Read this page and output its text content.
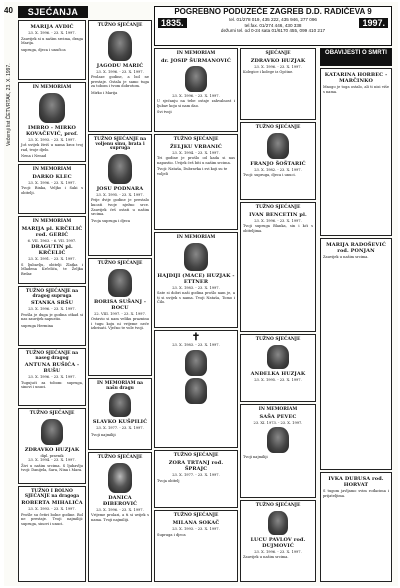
40
Večernji list ČETVRTAK, 23. X. 1997.
SJEĆANJA	POGREBNO PODUZEĆE ZAGREB D.D. RADIĆEVA 9
1835.	tel. 01/278 019, 435 222, 435 946, 277 096
tel.fax. 01/274 446, 430 338	1997.
dežurni tel. od 0-24 sata 01/6170 455, 099 410 217
OBAVIJESTI O SMRTI
MARIJA AVDIĆ
23. X. 1996. - 23. X. 1997.
Zauvijek si u našim srcima, draga Marija.
supruga, djeca i unučica
IN MEMORIAM
IMBRO - MIRKO KOVAČEVIĆ, prof.
23. X. 1993. - 23. X. 1997.
Još uvijek živiš u nama kroz tvoj rad, tvoje djelo.
Nena i Nenad
IN MEMORIAM
DARKO KLEC
23. X. 1996. - 23. X. 1997.
Tvoji: Rinka, Veljko i Saki s obitelji.
IN MEMORIAM
MARIJA pl. KRČELIĆ rođ. GERIĆ
6. VII. 1963. - 6. VII. 1997.
DRAGUTIN pl. KRČELIĆ
23. X. 1991. - 23. X. 1997.
S ljubavlju, obitelji Zlatka i Mladena Krčelića, te Željka Brdar.
TUŽNO SJEĆANJE na dragog supruga
STANKA SRŠU
23. X. 1996. - 23. X. 1997.
Prošla je duga je godina otkad si nas zauvijek napustio.
supruga Hermina
TUŽNO SJEĆANJE na naseg dragog
ANTUNA BUŠIĆA - BUŠU
23. X. 1996. - 23. X. 1997.
Tugujući za tobom: supruga, sinovi i unuci.
TUŽNO SJEĆANJE
ZDRAVKO HUZJAK
dipl. pravnik
23. X. 1994. - 23. X. 1997.
Živi u našim srcima. S ljubavlju tvoji: Danijela, Sara, Nina i Mara.
TUŽNO I BOLNO SJEĆANJE na dragoga
ROBERTA MIHALIĆA
23. X. 1993. - 23. X. 1997.
Prošle su četiri bolne godine. Bol ne prestaje. Tvoji najmiliji: supruga, sinovi i unuci.
TUŽNO SJEĆANJE
JAGODU MARIĆ
23. X. 1996. - 23. X. 1997.
Prolaze godine, a bol ne prestaje. Ostala je samo tuga za tobom i tvom dobrotom.
Mirko i Marija
TUŽNO SJEĆANJE na voljenu sinu, brata i supruga
JOSU PODNARA
23. X. 1995. - 23. X. 1997.
Prije dvije godine je prestalo kucati tvoje nježno srce. Zauvijek ćeš ostati u našim srcima.
Tvoja supruga i djeca
TUŽNO SJEĆANJE
BORISA SUŠANJ - BOCU
22. VIII. 1997. - 23. X. 1997.
Ostavio si nam veliku prazninu i tugu koju ni vrijeme neće izbrisati. Vječno te vole tvoji.
IN MEMORIAM na našu dragu
SLAVKO KUŠPILIĆ
23. X. 1977. - 23. X. 1997.
Tvoji najmiliji
TUŽNO SJEĆANJE
DANICA ĐIBEROVIĆ
23. X. 1996. - 23. X. 1997.
Vrijeme prolazi, a ti si uvijek s nama. Tvoji najmiliji.
IN MEMORIAM
dr. JOSIP ŠURMANOVIĆ
23. X. 1996. - 23. X. 1997.
U sjećanju na tebe ostaje zahvalnost i ljubav koju si nam dao.
Svi tvoji
TUŽNO SJEĆANJE
ŽELJKU VRBANIĆ
23. X. 1994. - 23. X. 1997.
Tri godine je prošlo od kada si nas napustio. Uvijek ćeš biti u našim srcima.
Tvoji: Nataša, Dubravka i svi koji su te voljeli
IN MEMORIAM
HAJDIJI (MACE) HUZJAK - ETTNER
23. X. 1983. - 23. X. 1997.
Sate si dobri naši godina prošlo nam je, a ti si uvijek s nama. Tvoji Nataša, Tomo i Ćilo.
✝
23. X. 1983. - 23. X. 1997.
TUŽNO SJEĆANJE
ZORA TRTANJ rođ. ŠPRAJC
23. X. 1977. - 23. X. 1997.
Tvoja obitelj
TUŽNO SJEĆANJE
MILANA SOKAČ
23. X. 1993. - 23. X. 1997.
Supruga i djeca
SJEĆANJE
ZDRAVKO HUZJAK
23. X. 1996. - 23. X. 1997.
Kolegice i kolege iz Općine.
TUŽNO SJEĆANJE
FRANJO ŠOŠTARIĆ
23. X. 1982. - 23. X. 1997.
Tvoji: supruga, djeca i unuci.
TUŽNO SJEĆANJE
IVAN BENCETIN pl.
23. X. 1996. - 23. X. 1997.
Tvoji supruga Blanka, sin i kći s obiteljima.
TUŽNO SJEĆANJE
ANĐELKA HUZJAK
23. X. 1995. - 23. X. 1997.
IN MEMORIAM
SAŠA PEVEC
23. XI. 1973. - 23. X. 1997.
Tvoji najmiliji
TUŽNO SJEĆANJE
LUCU PAVLOV rođ. DUJMOVIĆ
23. X. 1996. - 23. X. 1997.
Zauvijek u našim srcima.
KATARINA HORBEC - MARČINKO
Mnogo je toga ostalo, ali ti nisi više s nama.
MARIJA RADOŠEVIĆ rođ. PONJAN
Zauvijek u našim srcima.
IVKA DUBUSA rođ. HORVAT
S tugom javljamo svim rođacima i prijateljima.
